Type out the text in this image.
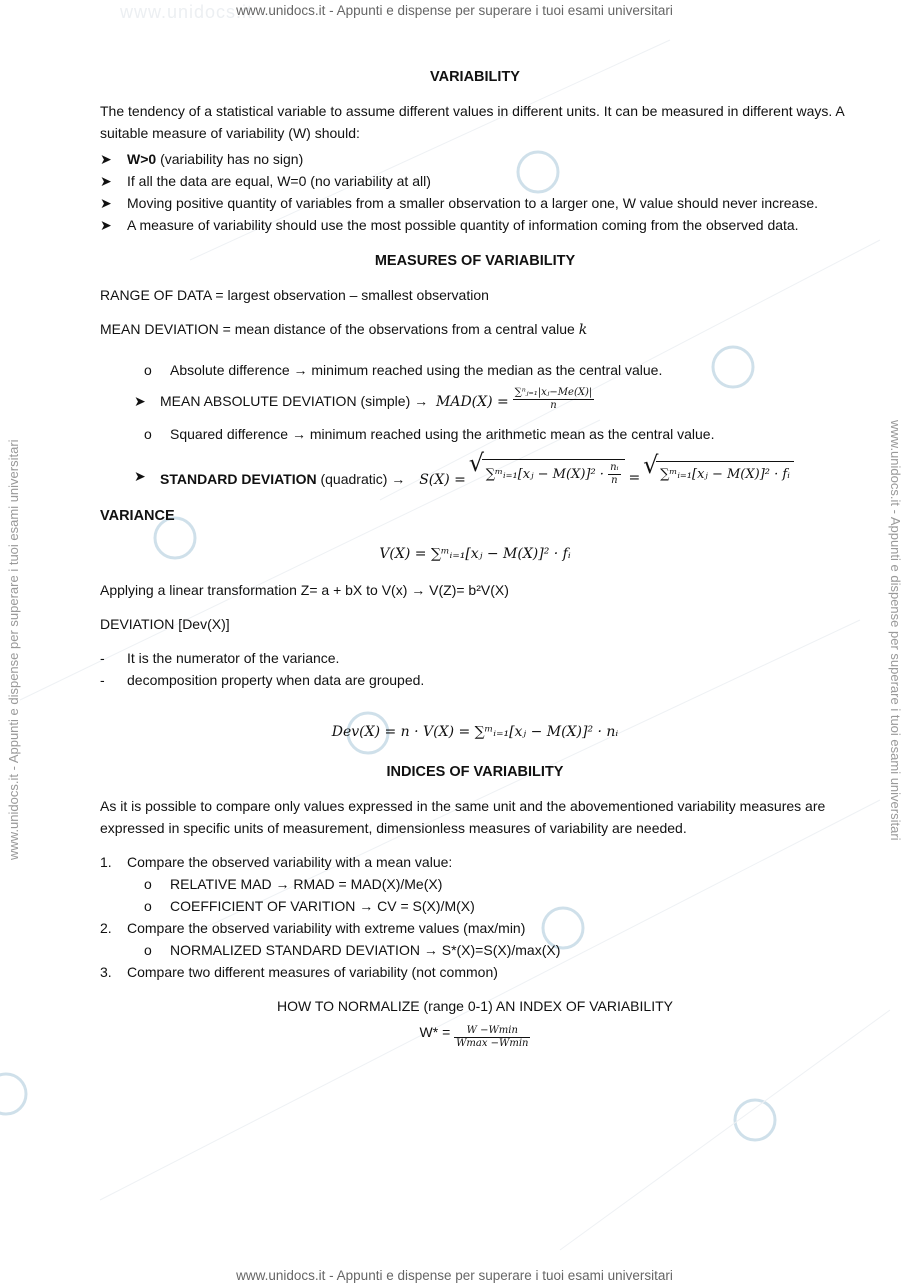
www.unidocs.it
www.unidocs.it - Appunti e dispense per superare i tuoi esami universitari
www.unidocs.it - Appunti e dispense per superare i tuoi esami universitari
www.unidocs.it - Appunti e dispense per superare i tuoi esami universitari	www.unidocs.it - Appunti e dispense per superare i tuoi esami universitari

VARIABILITY

The tendency of a statistical variable to assume different values in different units. It can be measured in different ways. A suitable measure of variability (W) should:

➤ W>0 (variability has no sign)
➤ If all the data are equal, W=0 (no variability at all)
➤ Moving positive quantity of variables from a smaller observation to a larger one, W value should never increase.
➤ A measure of variability should use the most possible quantity of information coming from the observed data.

MEASURES OF VARIABILITY

RANGE OF DATA = largest observation – smallest observation

MEAN DEVIATION = mean distance of the observations from a central value k

o Absolute difference → minimum reached using the median as the central value.
➤ MEAN ABSOLUTE DEVIATION (simple) → $MAD(X) = \frac{\text{∑ⁿⱼ₌₁|xⱼ−Me(X)|}}{n}$
o Squared difference → minimum reached using the arithmetic mean as the central value.
➤ STANDARD DEVIATION (quadratic) → S(X) = √ ∑ᵐᵢ₌₁[xⱼ − $M(X)]^2 \cdot \frac{\text{nᵢ}}{n}$ = √ ∑ᵐᵢ₌₁[xⱼ − M(X)]² · fᵢ

VARIANCE

V(X) = ∑ᵐᵢ₌₁[xⱼ − M(X)]² · fᵢ

Applying a linear transformation Z= a + bX to V(x) → V(Z)= b²V(X)

DEVIATION [Dev(X)]

- It is the numerator of the variance.
- decomposition property when data are grouped.

Dev(X) = n · V(X) = ∑ᵐᵢ₌₁[xⱼ − M(X)]² · nᵢ

INDICES OF VARIABILITY

As it is possible to compare only values expressed in the same unit and the abovementioned variability measures are expressed in specific units of measurement, dimensionless measures of variability are needed.

1. Compare the observed variability with a mean value:
o RELATIVE MAD → RMAD = MAD(X)/Me(X)
o COEFFICIENT OF VARITION → CV = S(X)/M(X)
2. Compare the observed variability with extreme values (max/min)
o NORMALIZED STANDARD DEVIATION → S*(X)=S(X)/max(X)
3. Compare two different measures of variability (not common)

HOW TO NORMALIZE (range 0-1) AN INDEX OF VARIABILITY

$W* = \frac{W -Wmin}{Wmax -Wmin}$
